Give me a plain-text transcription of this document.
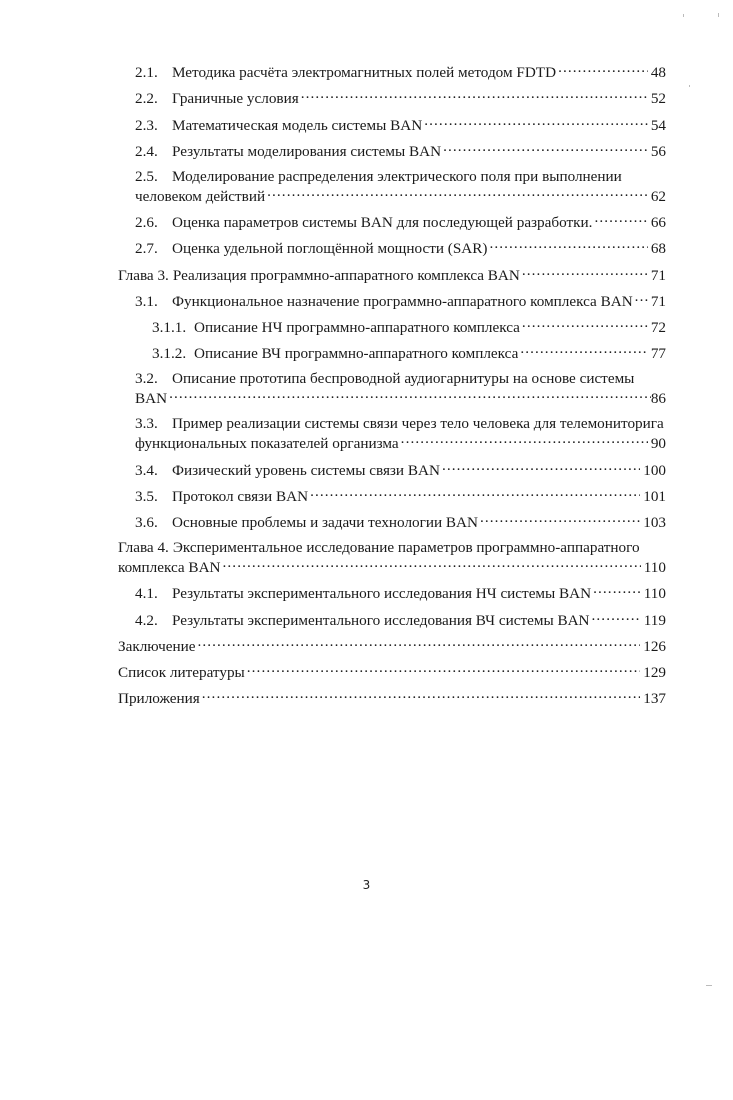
2.1. Методика расчёта электромагнитных полей методом FDTD .....	48
2.2. Граничные условия .....	52
2.3. Математическая модель системы BAN .....	54
2.4. Результаты моделирования системы BAN .....	56
2.5. Моделирование распределения электрического поля при выполнении
человеком действий .....	62
2.6. Оценка параметров системы BAN для последующей разработки. .....	66
2.7. Оценка удельной поглощённой мощности (SAR) .....	68
Глава 3. Реализация программно-аппаратного комплекса BAN .....	71
3.1. Функциональное назначение программно-аппаратного комплекса BAN ..... 71
3.1.1. Описание НЧ программно-аппаратного комплекса .....	72
3.1.2. Описание ВЧ программно-аппаратного комплекса .....	77
3.2. Описание прототипа беспроводной аудиогарнитуры на основе системы
BAN .....	86
3.3. Пример реализации системы связи через тело человека для телемониторига
функциональных показателей организма .....	90
3.4. Физический уровень системы связи BAN .....	100
3.5. Протокол связи BAN .....	101
3.6. Основные проблемы и задачи технологии BAN .....	103
Глава 4. Экспериментальное исследование параметров программно-аппаратного
комплекса BAN .....	110
4.1. Результаты экспериментального исследования НЧ системы BAN .....	110
4.2. Результаты экспериментального исследования ВЧ системы BAN .....	119
Заключение .....	126
Список литературы .....	129
Приложения .....	137
3
